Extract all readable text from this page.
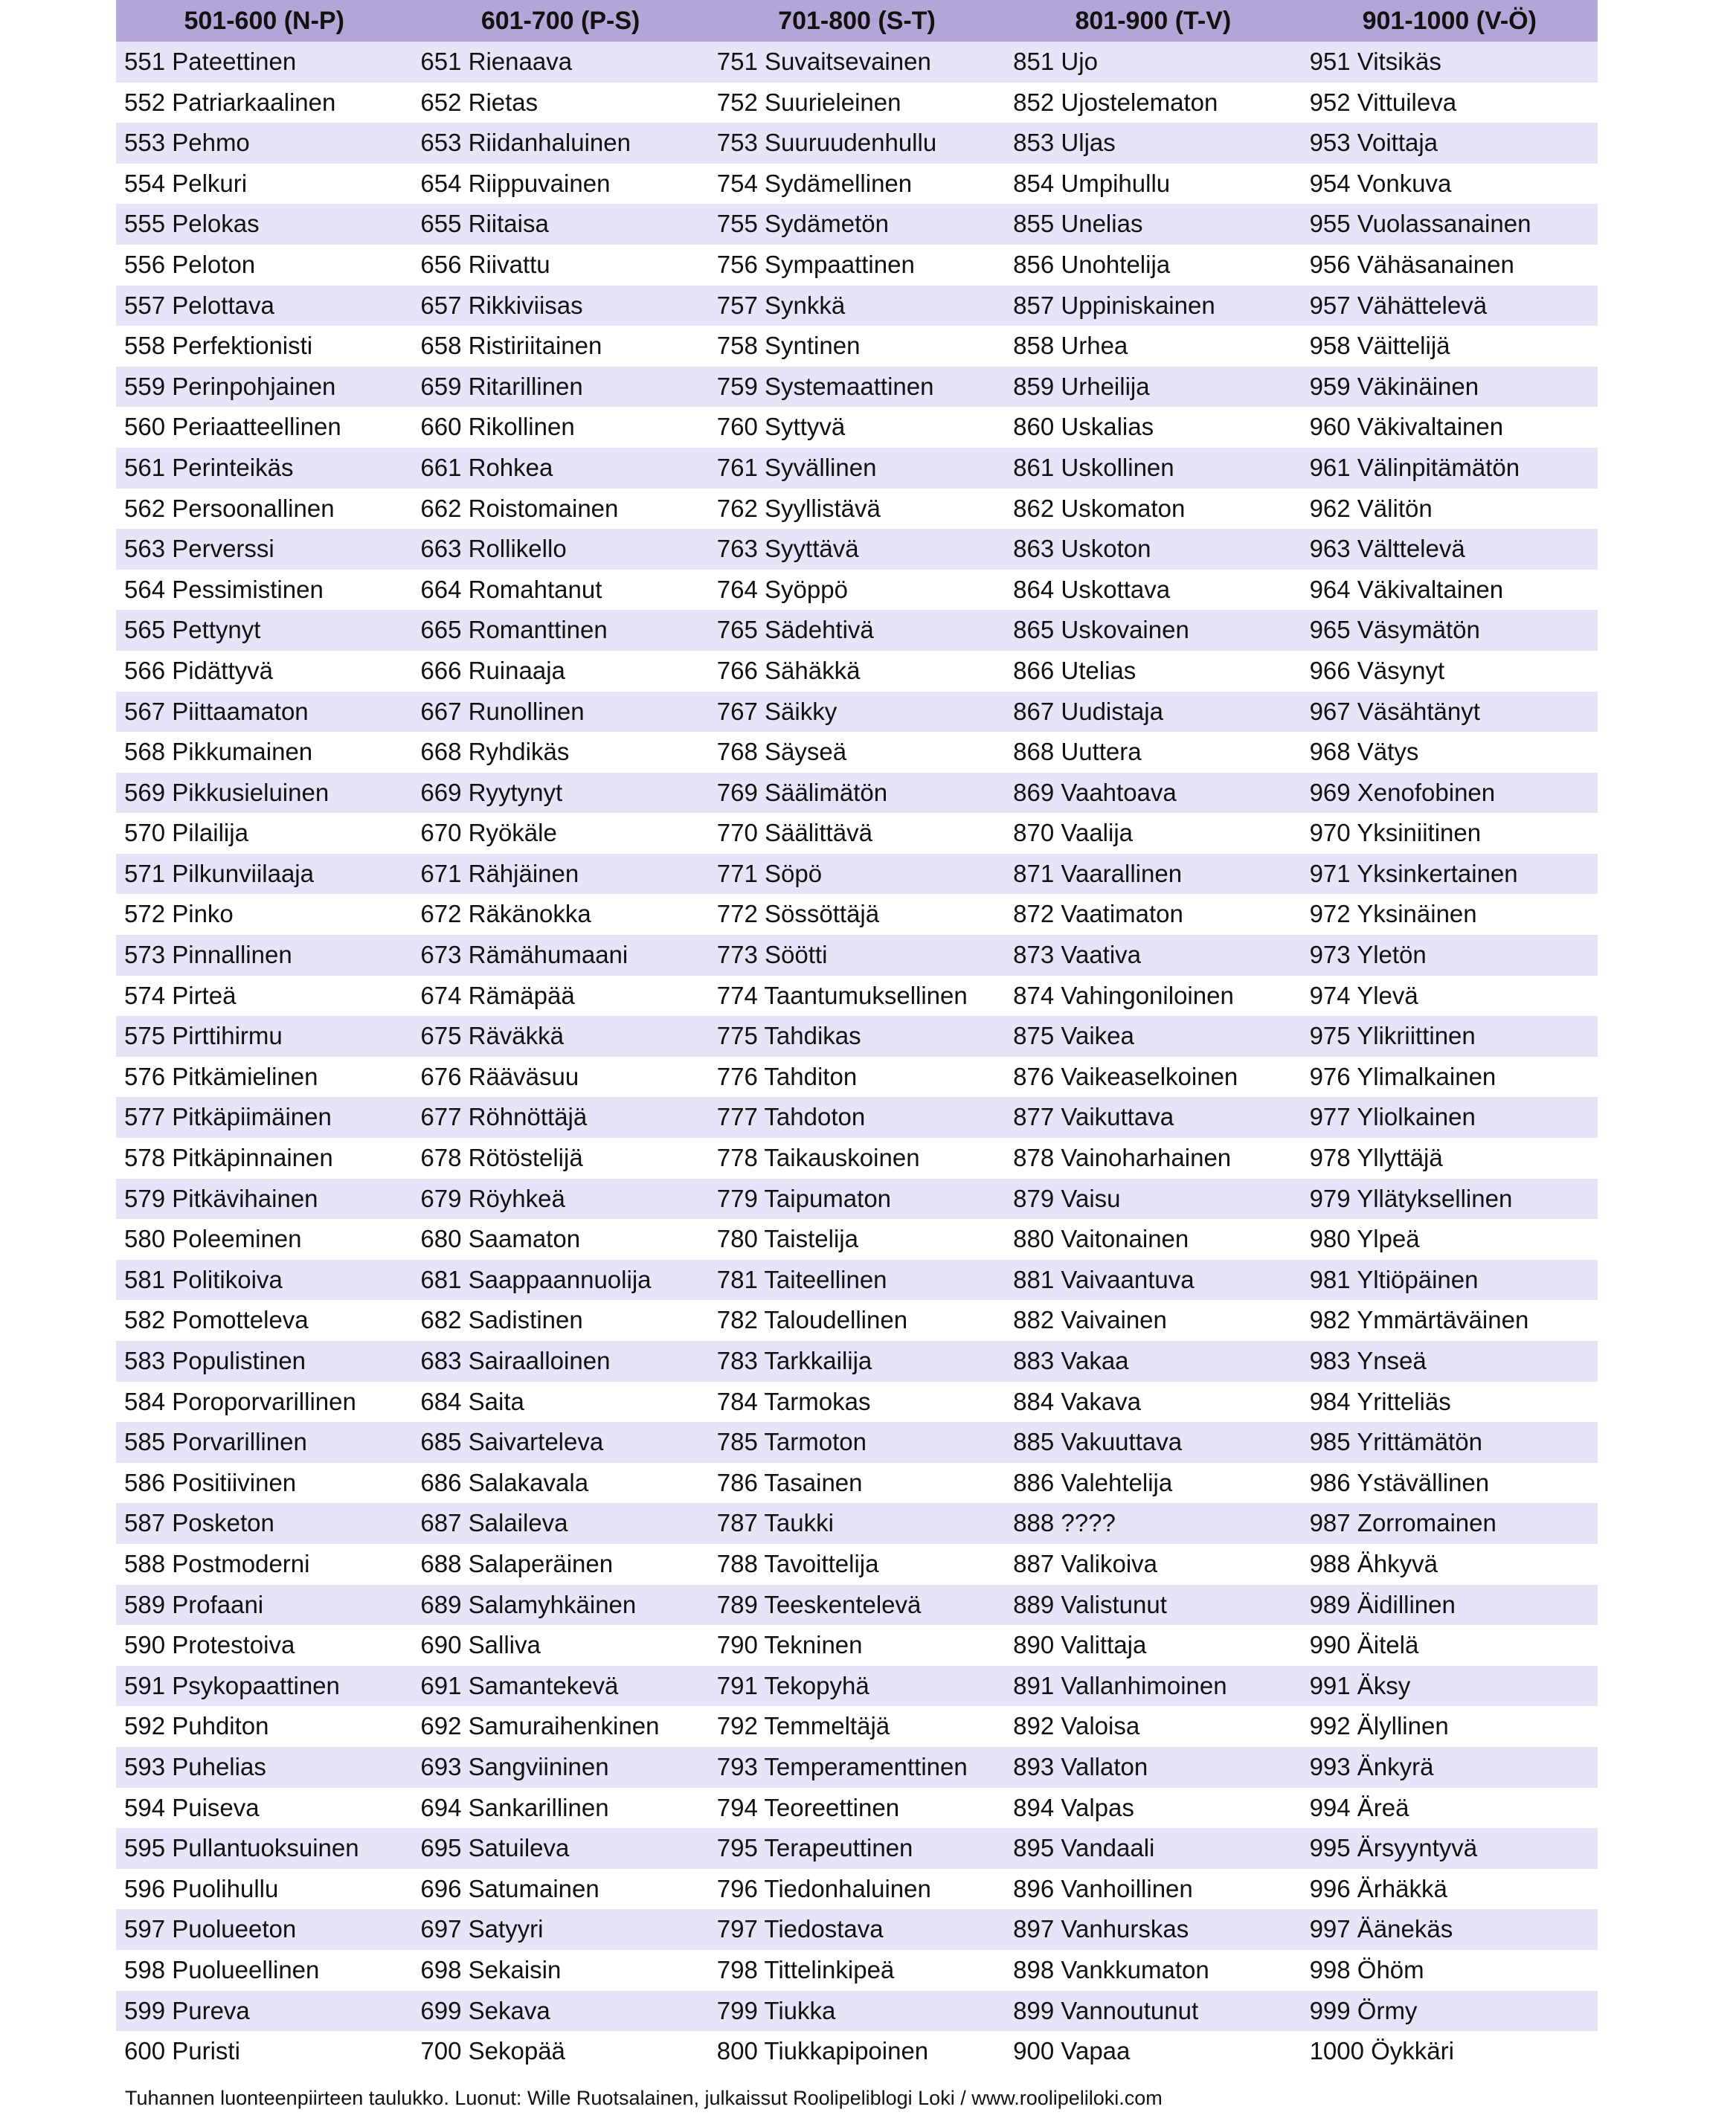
501-600 (N-P)	601-700 (P-S)	701-800 (S-T)	801-900 (T-V)	901-1000 (V-Ö)
551 Pateettinen	651 Rienaava	751 Suvaitsevainen	851 Ujo	951 Vitsikäs
552 Patriarkaalinen	652 Rietas	752 Suurieleinen	852 Ujostelematon	952 Vittuileva
553 Pehmo	653 Riidanhaluinen	753 Suuruudenhullu	853 Uljas	953 Voittaja
554 Pelkuri	654 Riippuvainen	754 Sydämellinen	854 Umpihullu	954 Vonkuva
555 Pelokas	655 Riitaisa	755 Sydämetön	855 Unelias	955 Vuolassanainen
556 Peloton	656 Riivattu	756 Sympaattinen	856 Unohtelija	956 Vähäsanainen
557 Pelottava	657 Rikkiviisas	757 Synkkä	857 Uppiniskainen	957 Vähättelevä
558 Perfektionisti	658 Ristiriitainen	758 Syntinen	858 Urhea	958 Väittelijä
559 Perinpohjainen	659 Ritarillinen	759 Systemaattinen	859 Urheilija	959 Väkinäinen
560 Periaatteellinen	660 Rikollinen	760 Syttyvä	860 Uskalias	960 Väkivaltainen
561 Perinteikäs	661 Rohkea	761 Syvällinen	861 Uskollinen	961 Välinpitämätön
562 Persoonallinen	662 Roistomainen	762 Syyllistävä	862 Uskomaton	962 Välitön
563 Perverssi	663 Rollikello	763 Syyttävä	863 Uskoton	963 Välttelevä
564 Pessimistinen	664 Romahtanut	764 Syöppö	864 Uskottava	964 Väkivaltainen
565 Pettynyt	665 Romanttinen	765 Sädehtivä	865 Uskovainen	965 Väsymätön
566 Pidättyvä	666 Ruinaaja	766 Sähäkkä	866 Utelias	966 Väsynyt
567 Piittaamaton	667 Runollinen	767 Säikky	867 Uudistaja	967 Väsähtänyt
568 Pikkumainen	668 Ryhdikäs	768 Säyseä	868 Uuttera	968 Vätys
569 Pikkusieluinen	669 Ryytynyt	769 Säälimätön	869 Vaahtoava	969 Xenofobinen
570 Pilailija	670 Ryökäle	770 Säälittävä	870 Vaalija	970 Yksiniitinen
571 Pilkunviilaaja	671 Rähjäinen	771 Söpö	871 Vaarallinen	971 Yksinkertainen
572 Pinko	672 Räkänokka	772 Sössöttäjä	872 Vaatimaton	972 Yksinäinen
573 Pinnallinen	673 Rämähumaani	773 Söötti	873 Vaativa	973 Yletön
574 Pirteä	674 Rämäpää	774 Taantumuksellinen	874 Vahingoniloinen	974 Ylevä
575 Pirttihirmu	675 Räväkkä	775 Tahdikas	875 Vaikea	975 Ylikriittinen
576 Pitkämielinen	676 Rääväsuu	776 Tahditon	876 Vaikeaselkoinen	976 Ylimalkainen
577 Pitkäpiimäinen	677 Röhnöttäjä	777 Tahdoton	877 Vaikuttava	977 Yliolkainen
578 Pitkäpinnainen	678 Rötöstelijä	778 Taikauskoinen	878 Vainoharhainen	978 Yllyttäjä
579 Pitkävihainen	679 Röyhkeä	779 Taipumaton	879 Vaisu	979 Yllätyksellinen
580 Poleeminen	680 Saamaton	780 Taistelija	880 Vaitonainen	980 Ylpeä
581 Politikoiva	681 Saappaannuolija	781 Taiteellinen	881 Vaivaantuva	981 Yltiöpäinen
582 Pomotteleva	682 Sadistinen	782 Taloudellinen	882 Vaivainen	982 Ymmärtäväinen
583 Populistinen	683 Sairaalloinen	783 Tarkkailija	883 Vakaa	983 Ynseä
584 Poroporvarillinen	684 Saita	784 Tarmokas	884 Vakava	984 Yritteliäs
585 Porvarillinen	685 Saivarteleva	785 Tarmoton	885 Vakuuttava	985 Yrittämätön
586 Positiivinen	686 Salakavala	786 Tasainen	886 Valehtelija	986 Ystävällinen
587 Posketon	687 Salaileva	787 Taukki	888 ????	987 Zorromainen
588 Postmoderni	688 Salaperäinen	788 Tavoittelija	887 Valikoiva	988 Ähkyvä
589 Profaani	689 Salamyhkäinen	789 Teeskentelevä	889 Valistunut	989 Äidillinen
590 Protestoiva	690 Salliva	790 Tekninen	890 Valittaja	990 Äitelä
591 Psykopaattinen	691 Samantekevä	791 Tekopyhä	891 Vallanhimoinen	991 Äksy
592 Puhditon	692 Samuraihenkinen	792 Temmeltäjä	892 Valoisa	992 Älyllinen
593 Puhelias	693 Sangviininen	793 Temperamenttinen	893 Vallaton	993 Änkyrä
594 Puiseva	694 Sankarillinen	794 Teoreettinen	894 Valpas	994 Äreä
595 Pullantuoksuinen	695 Satuileva	795 Terapeuttinen	895 Vandaali	995 Ärsyyntyvä
596 Puolihullu	696 Satumainen	796 Tiedonhaluinen	896 Vanhoillinen	996 Ärhäkkä
597 Puolueeton	697 Satyyri	797 Tiedostava	897 Vanhurskas	997 Äänekäs
598 Puolueellinen	698 Sekaisin	798 Tittelinkipeä	898 Vankkumaton	998 Öhöm
599 Pureva	699 Sekava	799 Tiukka	899 Vannoutunut	999 Örmy
600 Puristi	700 Sekopää	800 Tiukkapipoinen	900 Vapaa	1000 Öykkäri
Tuhannen luonteenpiirteen taulukko. Luonut: Wille Ruotsalainen, julkaissut Roolipeliblogi Loki / www.roolipeliloki.com
